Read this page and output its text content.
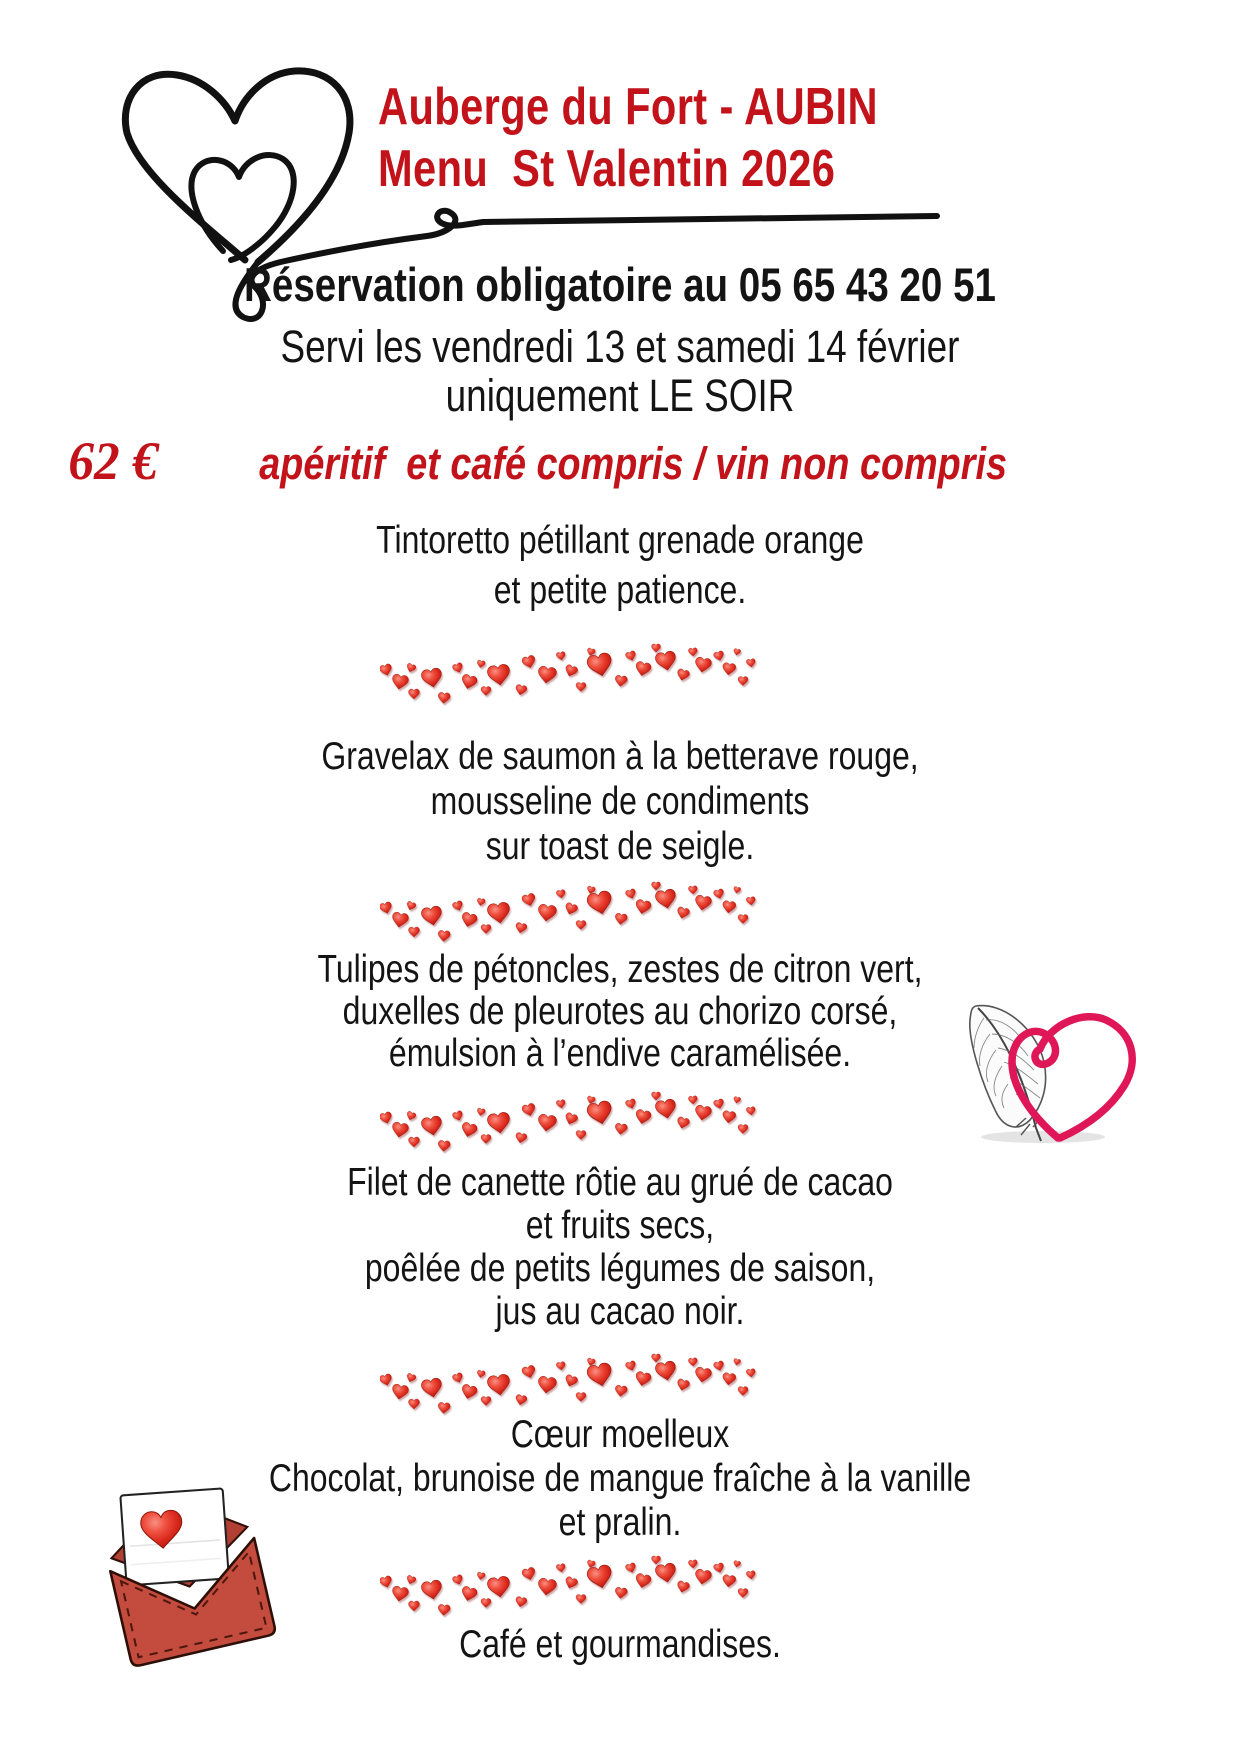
Auberge du Fort - AUBIN
Menu  St Valentin 2026
Réservation obligatoire au 05 65 43 20 51
Servi les vendredi 13 et samedi 14 février
uniquement LE SOIR
62 € apéritif  et café compris / vin non compris
Tintoretto pétillant grenade orange
et petite patience.
Gravelax de saumon à la betterave rouge,
mousseline de condiments
sur toast de seigle.
Tulipes de pétoncles, zestes de citron vert,
duxelles de pleurotes au chorizo corsé,
émulsion à l’endive caramélisée.
Filet de canette rôtie au grué de cacao
et fruits secs,
poêlée de petits légumes de saison,
jus au cacao noir.
Cœur moelleux
Chocolat, brunoise de mangue fraîche à la vanille
et pralin.
Café et gourmandises.
